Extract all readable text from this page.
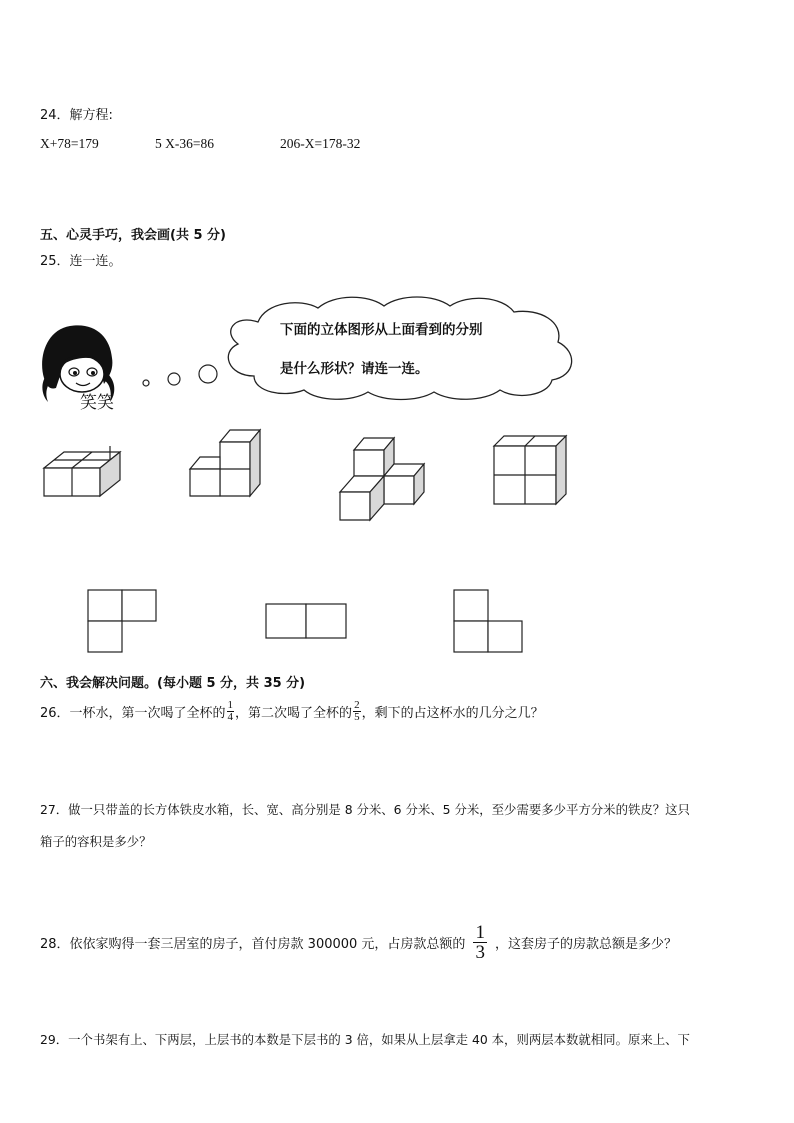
24．解方程:
X+78=179	5 X-36=86	206-X=178-32
五、心灵手巧，我会画(共 5 分)
25．连一连。
笑笑
下面的立体图形从上面看到的分别
是什么形状？请连一连。
六、我会解决问题。(每小题 5 分，共 35 分)
26．一杯水，第一次喝了全杯的 $\frac{1}{4}$ ，第二次喝了全杯的 $\frac{2}{5}$ ，剩下的占这杯水的几分之几？
27．做一只带盖的长方体铁皮水箱，长、宽、高分别是 8 分米、6 分米、5 分米，至少需要多少平方分米的铁皮？这只
箱子的容积是多少？
28．依依家购得一套三居室的房子，首付房款 300000 元，占房款总额的 $\frac{1}{3}$ ，这套房子的房款总额是多少？
29．一个书架有上、下两层，上层书的本数是下层书的 3 倍，如果从上层拿走 40 本，则两层本数就相同。原来上、下
